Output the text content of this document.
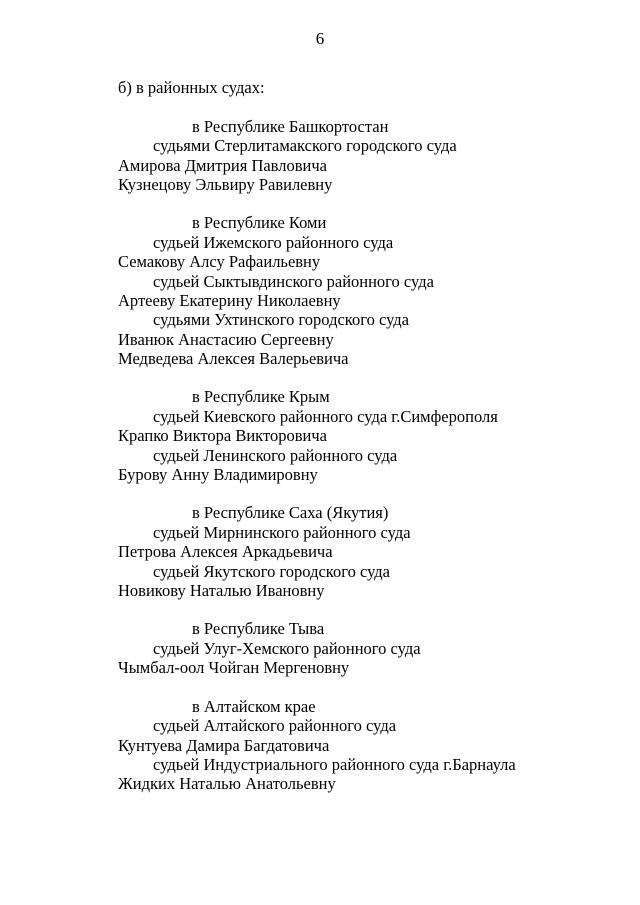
6
б) в районных судах:
в Республике Башкортостан
судьями Стерлитамакского городского суда
Амирова Дмитрия Павловича
Кузнецову Эльвиру Равилевну
в Республике Коми
судьей Ижемского районного суда
Семакову Алсу Рафаильевну
судьей Сыктывдинского районного суда
Артееву Екатерину Николаевну
судьями Ухтинского городского суда
Иванюк Анастасию Сергеевну
Медведева Алексея Валерьевича
в Республике Крым
судьей Киевского районного суда г.Симферополя
Крапко Виктора Викторовича
судьей Ленинского районного суда
Бурову Анну Владимировну
в Республике Саха (Якутия)
судьей Мирнинского районного суда
Петрова Алексея Аркадьевича
судьей Якутского городского суда
Новикову Наталью Ивановну
в Республике Тыва
судьей Улуг-Хемского районного суда
Чымбал-оол Чойган Мергеновну
в Алтайском крае
судьей Алтайского районного суда
Кунтуева Дамира Багдатовича
судьей Индустриального районного суда г.Барнаула
Жидких Наталью Анатольевну
